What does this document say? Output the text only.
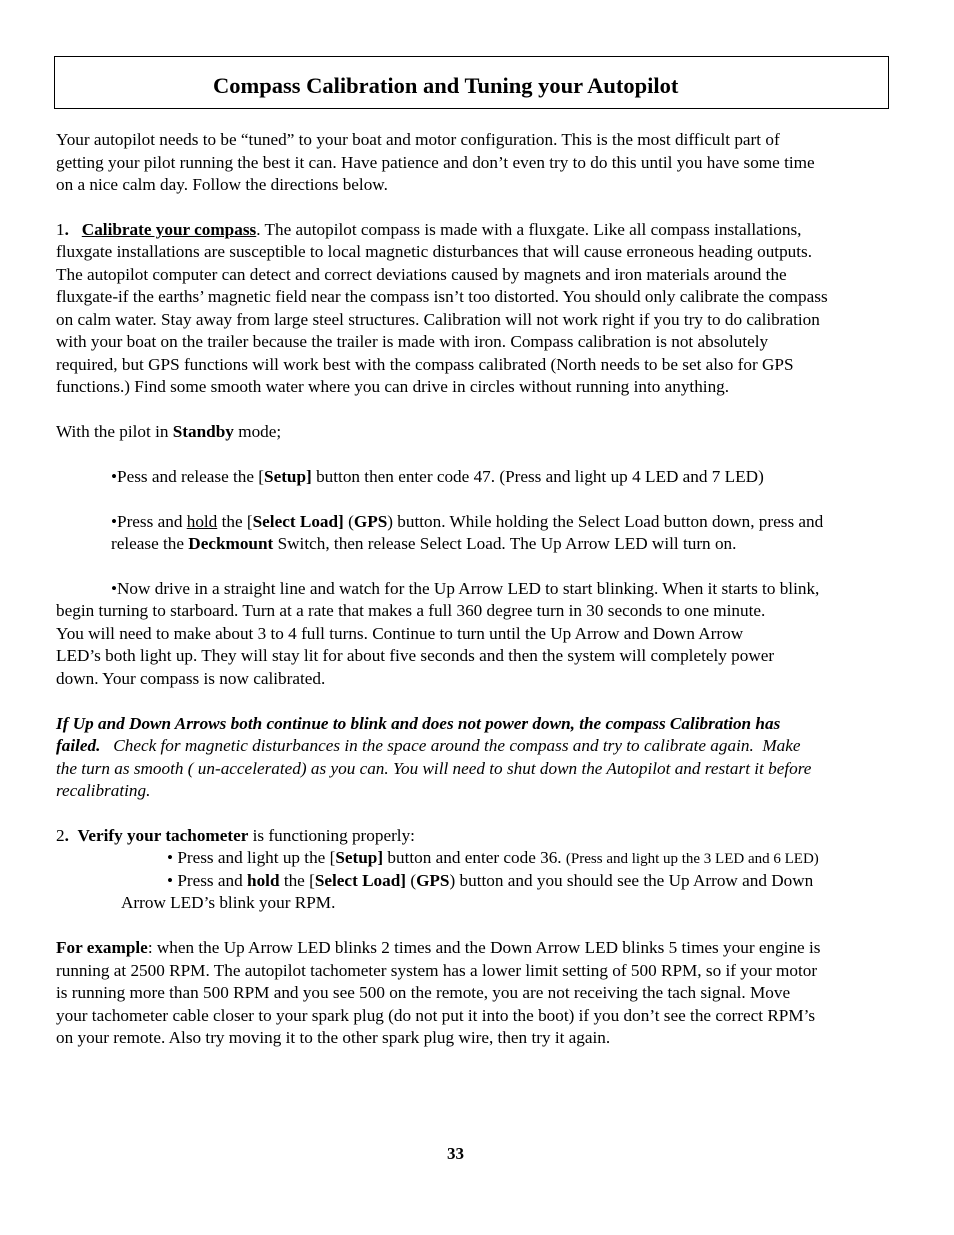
Compass Calibration and Tuning your Autopilot
Your autopilot needs to be “tuned” to your boat and motor configuration. This is the most difficult part of
getting your pilot running the best it can. Have patience and don’t even try to do this until you have some time
on a nice calm day. Follow the directions below.
1. Calibrate your compass. The autopilot compass is made with a fluxgate. Like all compass installations,
fluxgate installations are susceptible to local magnetic disturbances that will cause erroneous heading outputs.
The autopilot computer can detect and correct deviations caused by magnets and iron materials around the
fluxgate-if the earths’ magnetic field near the compass isn’t too distorted. You should only calibrate the compass
on calm water. Stay away from large steel structures. Calibration will not work right if you try to do calibration
with your boat on the trailer because the trailer is made with iron. Compass calibration is not absolutely
required, but GPS functions will work best with the compass calibrated (North needs to be set also for GPS
functions.) Find some smooth water where you can drive in circles without running into anything.
With the pilot in Standby mode;
•Pess and release the [Setup] button then enter code 47. (Press and light up 4 LED and 7 LED)
•Press and hold the [Select Load] (GPS) button. While holding the Select Load button down, press and
release the Deckmount Switch, then release Select Load. The Up Arrow LED will turn on.
•Now drive in a straight line and watch for the Up Arrow LED to start blinking. When it starts to blink,
begin turning to starboard. Turn at a rate that makes a full 360 degree turn in 30 seconds to one minute.
You will need to make about 3 to 4 full turns. Continue to turn until the Up Arrow and Down Arrow
LED’s both light up. They will stay lit for about five seconds and then the system will completely power
down. Your compass is now calibrated.
If Up and Down Arrows both continue to blink and does not power down, the compass Calibration has
failed.   Check for magnetic disturbances in the space around the compass and try to calibrate again.  Make
the turn as smooth ( un-accelerated) as you can. You will need to shut down the Autopilot and restart it before
recalibrating.
2. Verify your tachometer is functioning properly:
• Press and light up the [Setup] button and enter code 36. (Press and light up the 3 LED and 6 LED)
• Press and hold the [Select Load] (GPS) button and you should see the Up Arrow and Down
Arrow LED’s blink your RPM.
For example: when the Up Arrow LED blinks 2 times and the Down Arrow LED blinks 5 times your engine is
running at 2500 RPM. The autopilot tachometer system has a lower limit setting of 500 RPM, so if your motor
is running more than 500 RPM and you see 500 on the remote, you are not receiving the tach signal. Move
your tachometer cable closer to your spark plug (do not put it into the boot) if you don’t see the correct RPM’s
on your remote. Also try moving it to the other spark plug wire, then try it again.
33
